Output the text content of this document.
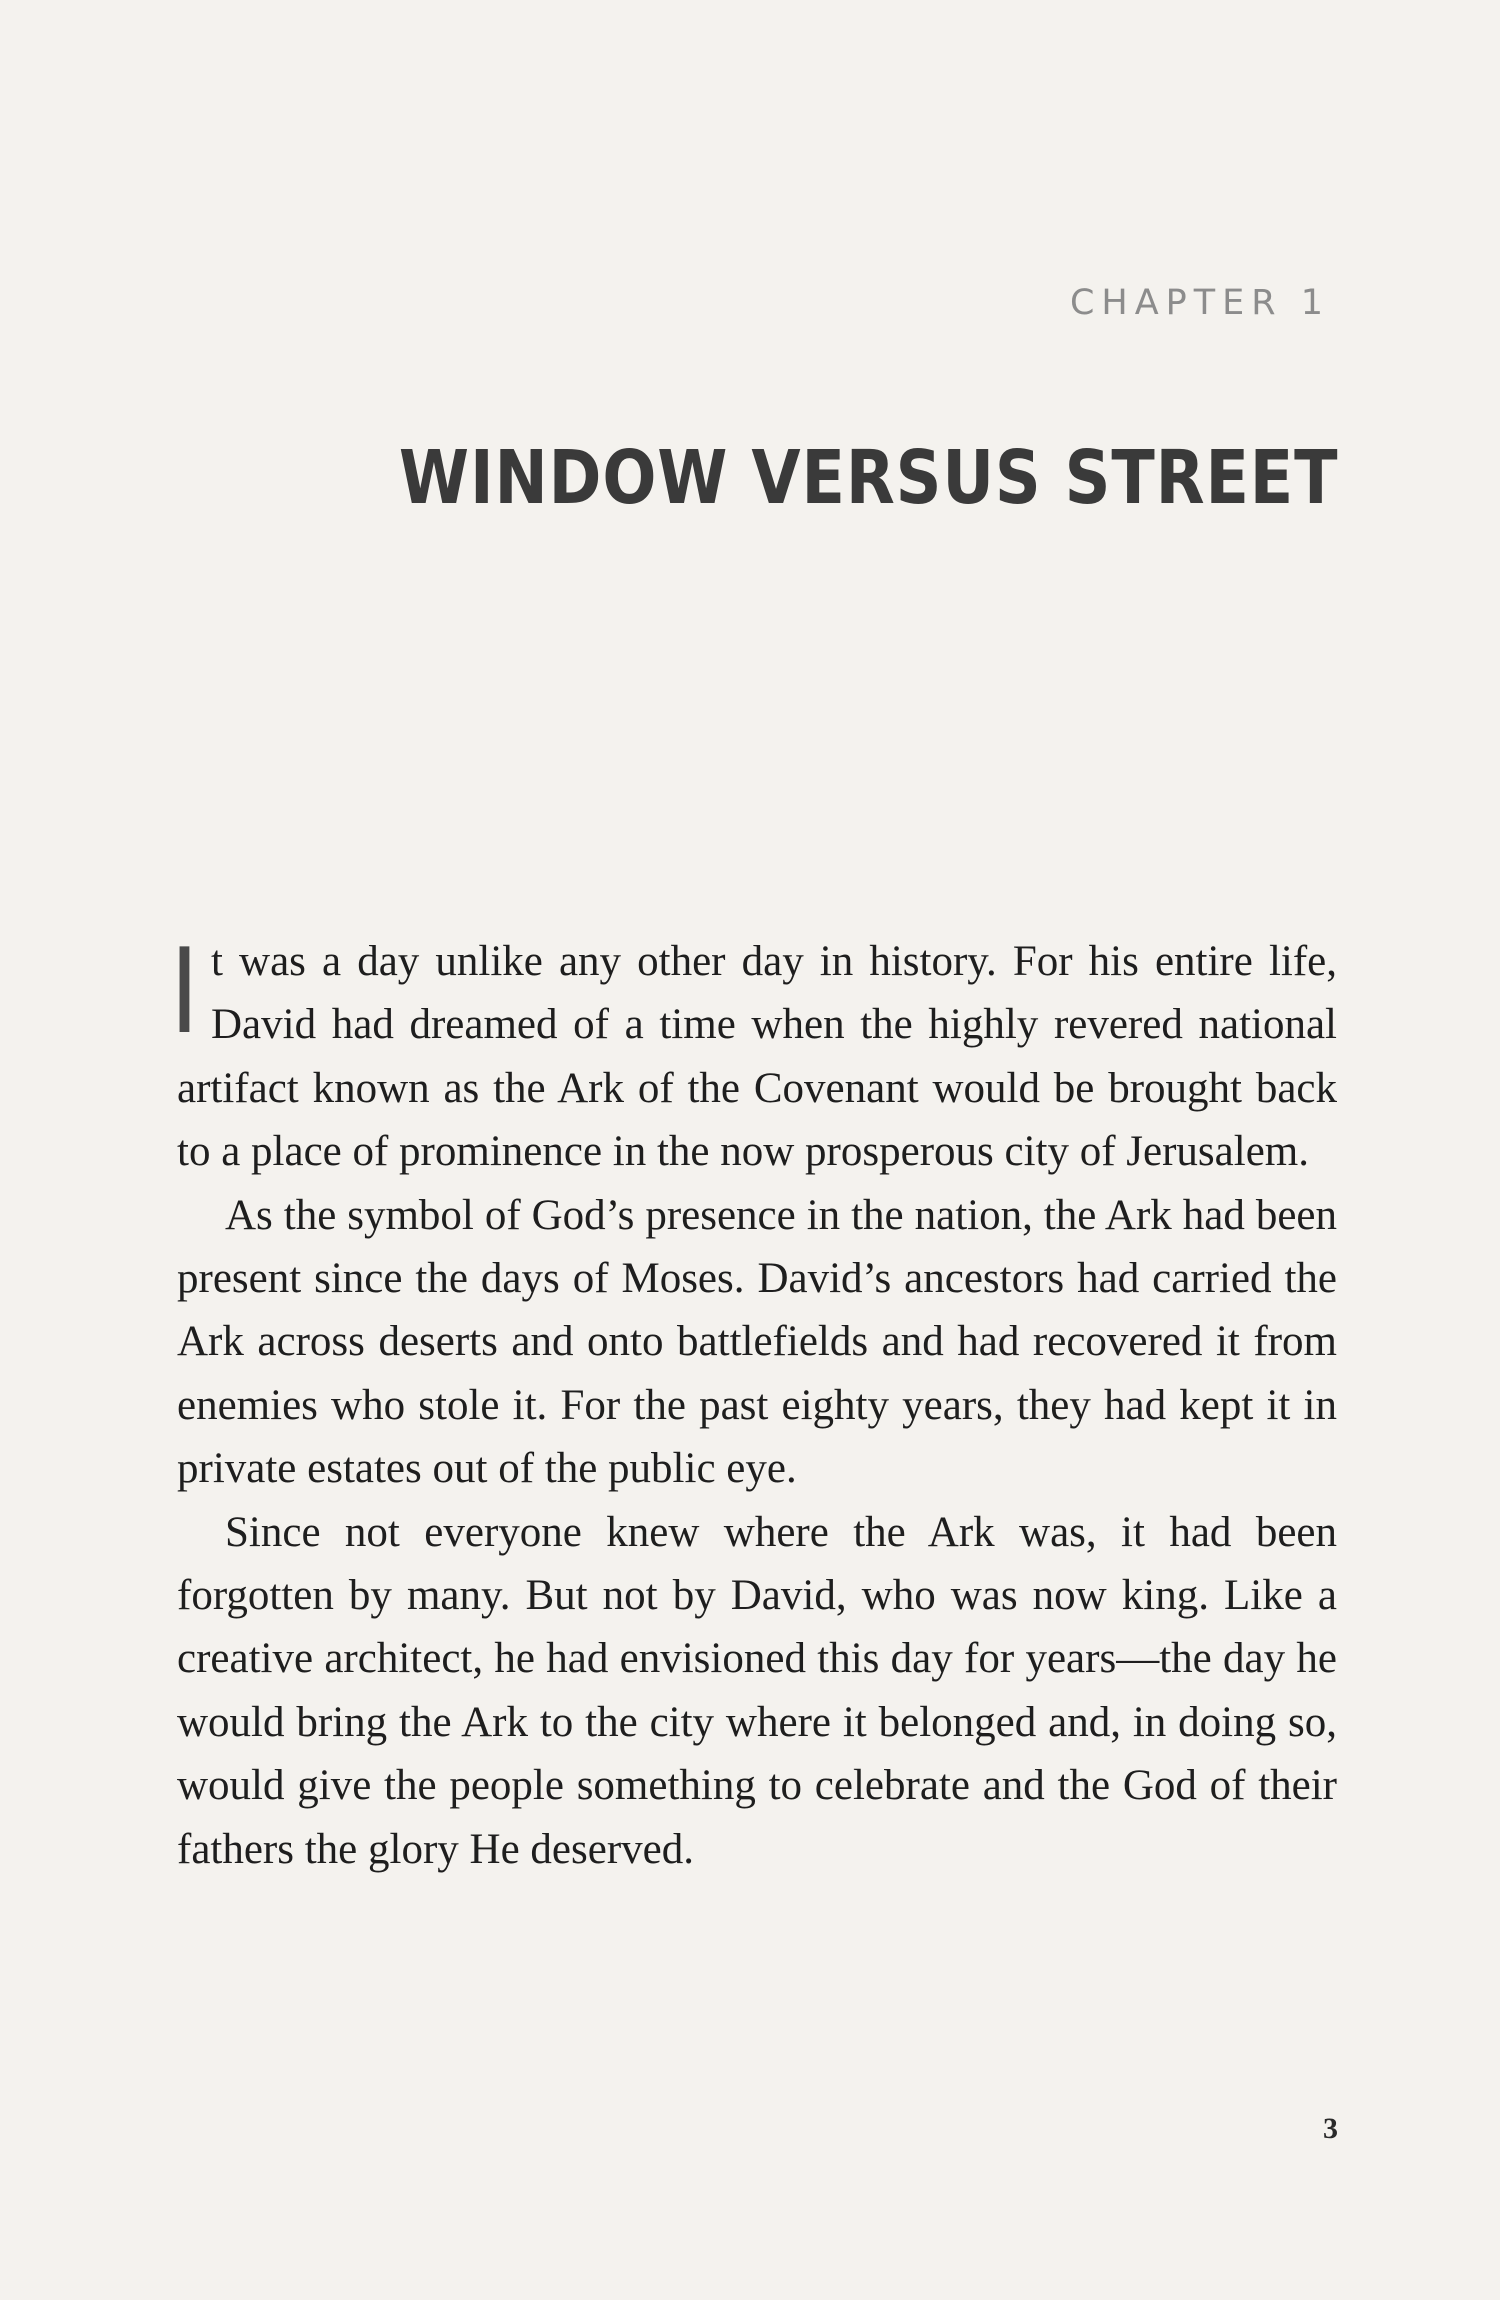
CHAPTER 1
WINDOW VERSUS STREET

It was a day unlike any other day in history. For his entire life, David had dreamed of a time when the highly revered national artifact known as the Ark of the Covenant would be brought back to a place of prominence in the now prosperous city of Jerusalem.

As the symbol of God’s presence in the nation, the Ark had been present since the days of Moses. David’s ancestors had carried the Ark across deserts and onto battlefields and had recovered it from enemies who stole it. For the past eighty years, they had kept it in private estates out of the public eye.

Since not everyone knew where the Ark was, it had been forgotten by many. But not by David, who was now king. Like a creative architect, he had envisioned this day for years—the day he would bring the Ark to the city where it belonged and, in doing so, would give the people something to celebrate and the God of their fathers the glory He deserved.

3
